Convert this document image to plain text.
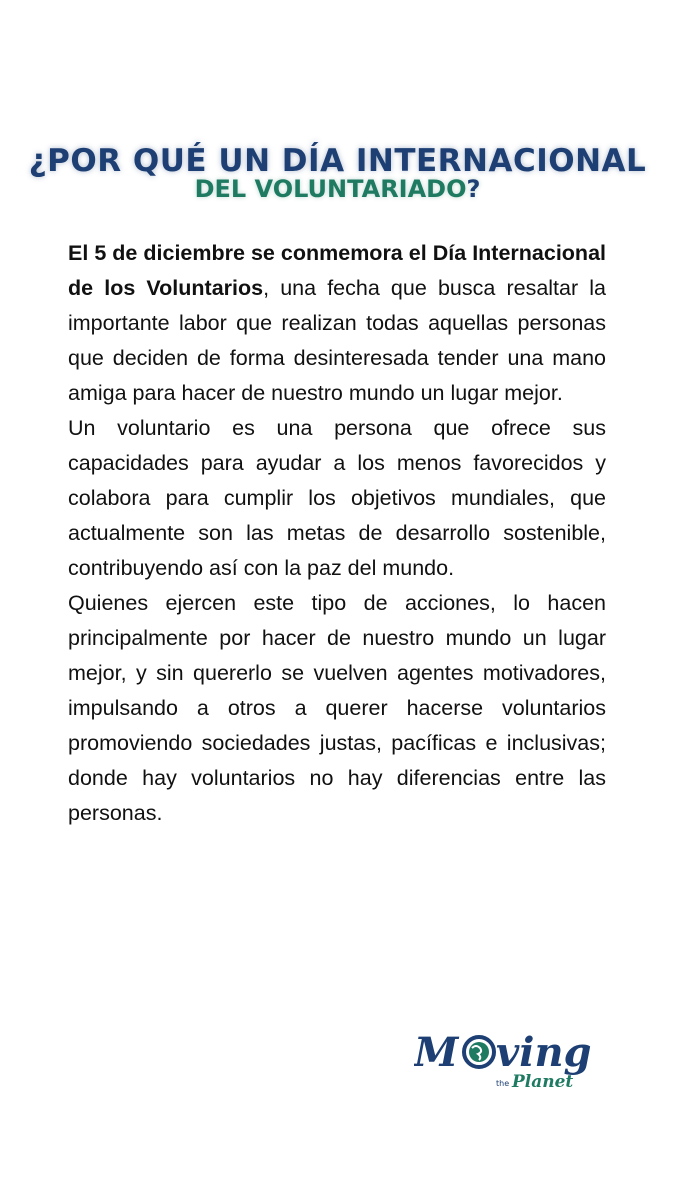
¿POR QUÉ UN DÍA INTERNACIONAL
DEL VOLUNTARIADO?

El 5 de diciembre se conmemora el Día Internacional de los Voluntarios, una fecha que busca resaltar la importante labor que realizan todas aquellas personas que deciden de forma desinteresada tender una mano amiga para hacer de nuestro mundo un lugar mejor.

Un voluntario es una persona que ofrece sus capacidades para ayudar a los menos favorecidos y colabora para cumplir los objetivos mundiales, que actualmente son las metas de desarrollo sostenible, contribuyendo así con la paz del mundo.

Quienes ejercen este tipo de acciones, lo hacen principalmente por hacer de nuestro mundo un lugar mejor, y sin quererlo se vuelven agentes motivadores, impulsando a otros a querer hacerse voluntarios promoviendo sociedades justas, pacíficas e inclusivas; donde hay voluntarios no hay diferencias entre las personas.

M ving
the Planet
